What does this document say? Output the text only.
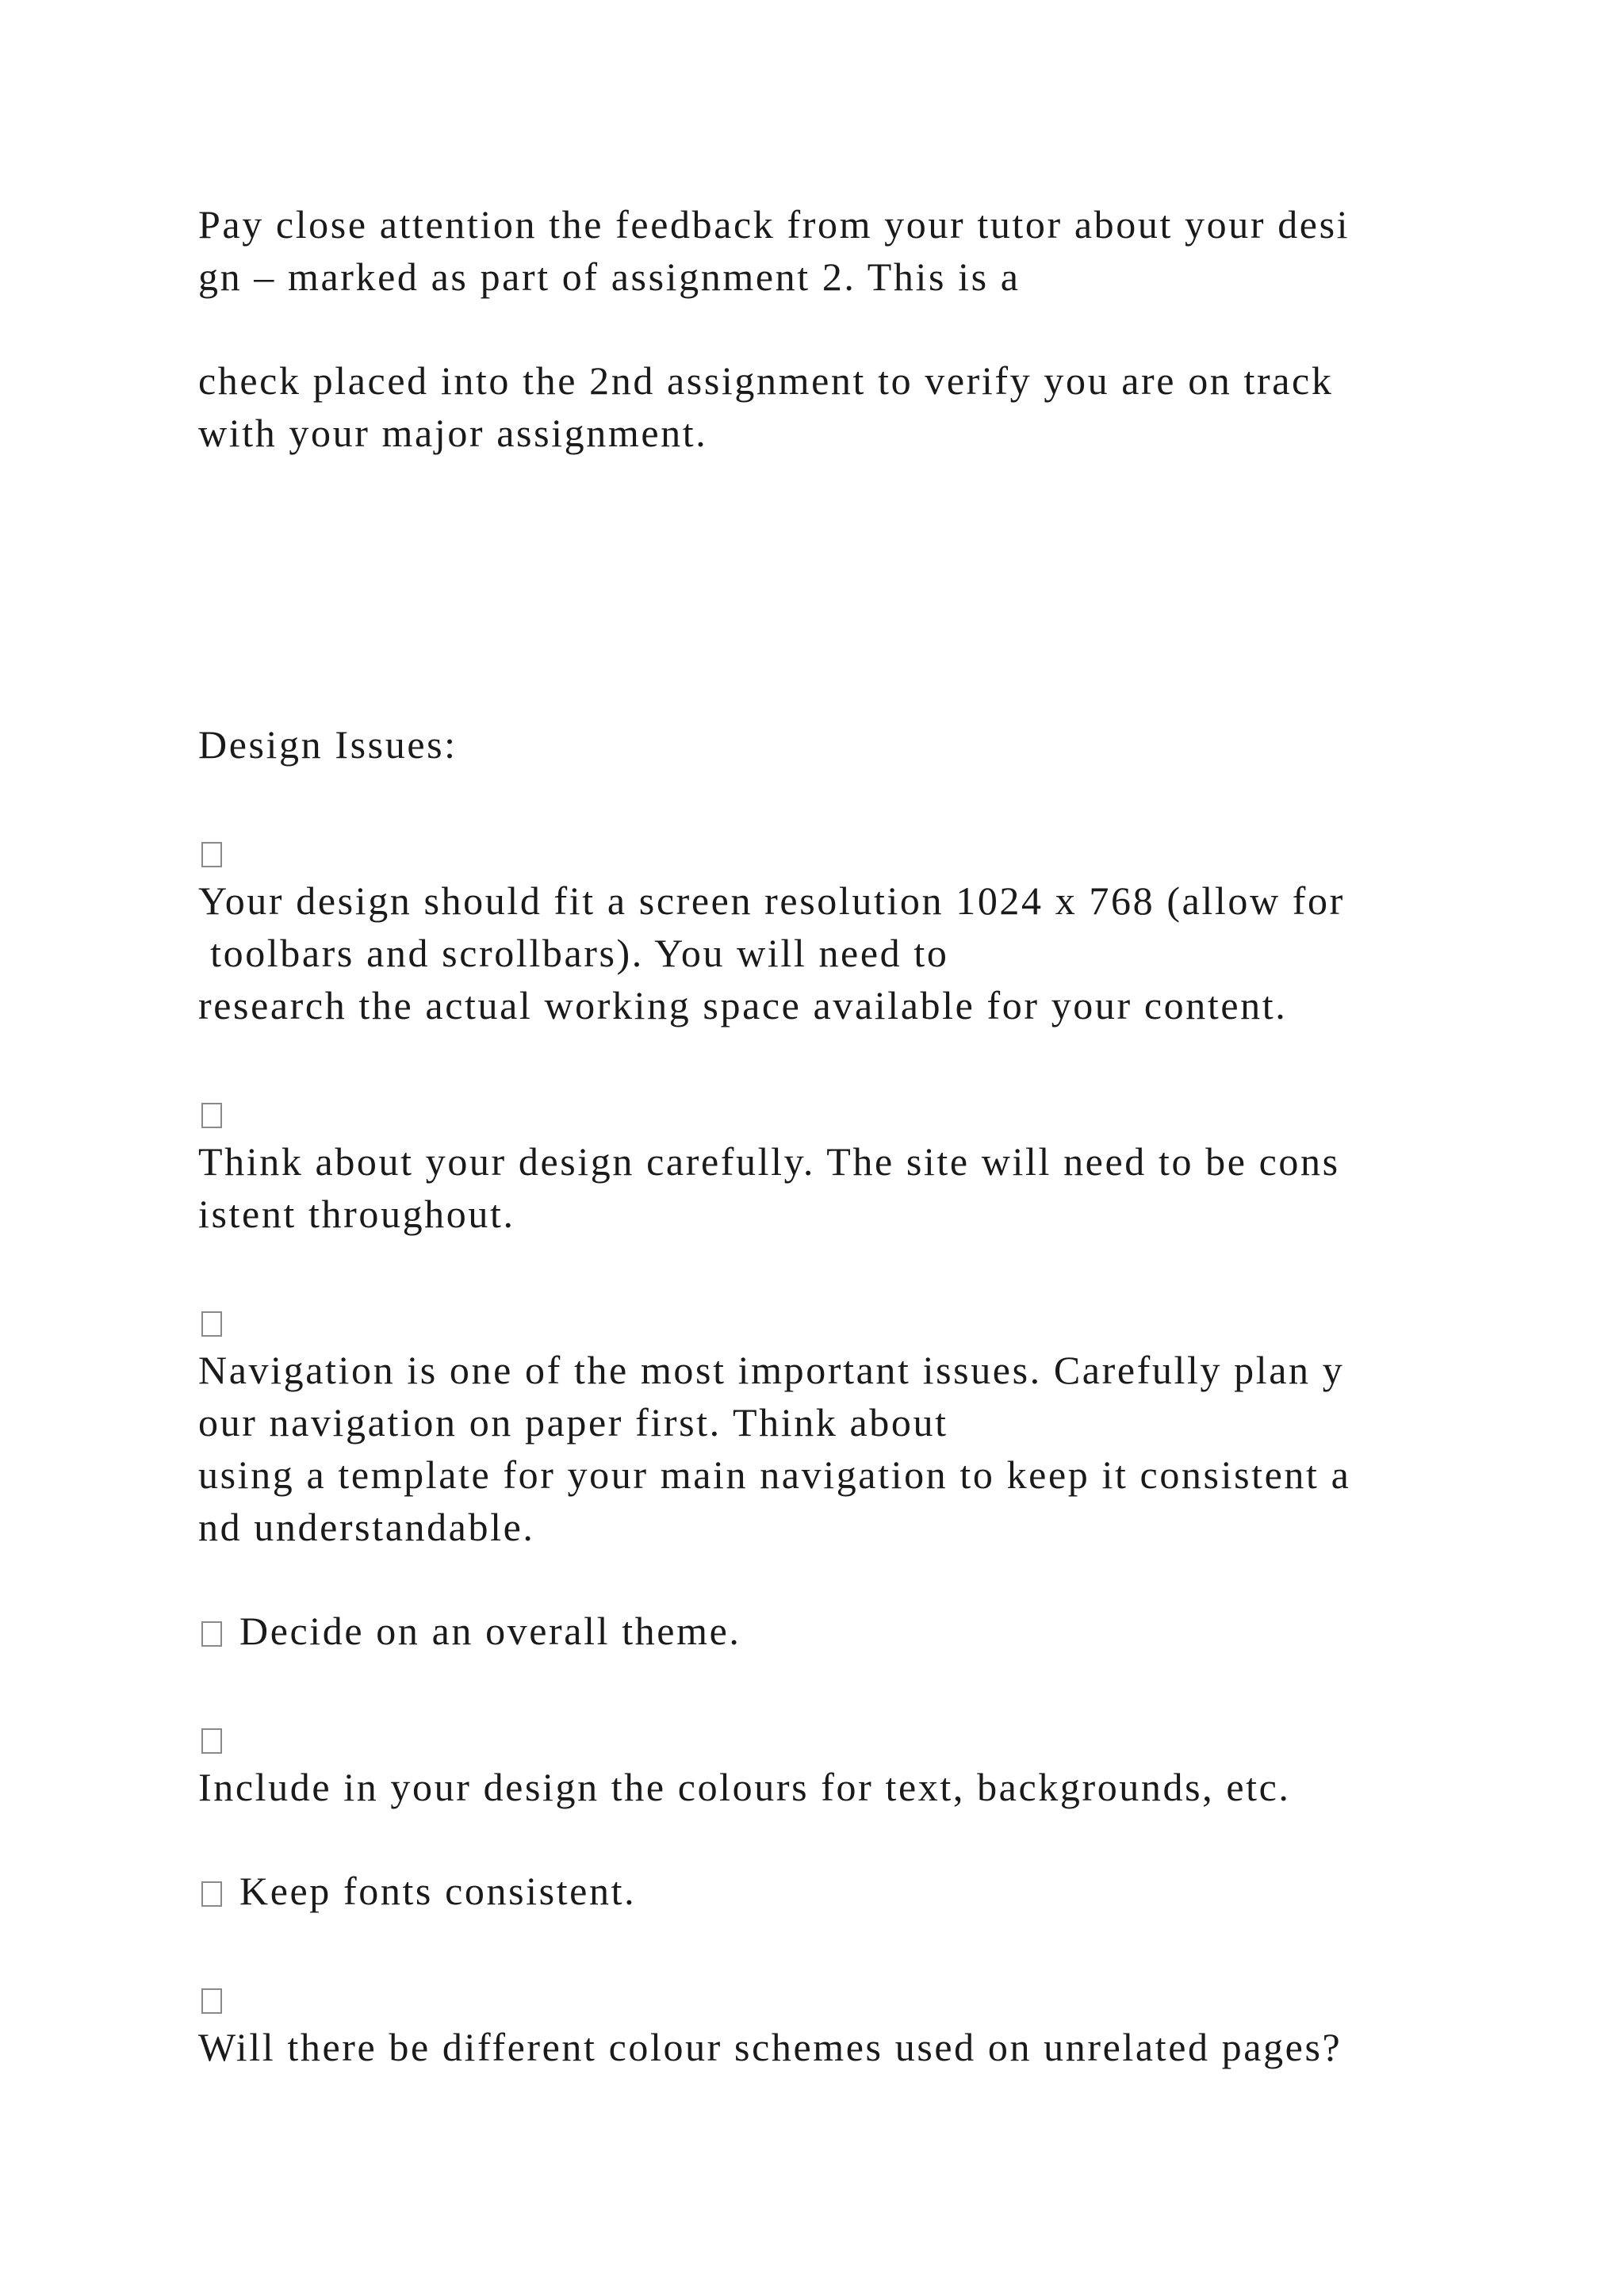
Pay close attention the feedback from your tutor about your desi
gn – marked as part of assignment 2. This is a
check placed into the 2nd assignment to verify you are on track
with your major assignment.
Design Issues:
Your design should fit a screen resolution 1024 x 768 (allow for
toolbars and scrollbars). You will need to
research the actual working space available for your content.
Think about your design carefully. The site will need to be cons
istent throughout.
Navigation is one of the most important issues. Carefully plan y
our navigation on paper first. Think about
using a template for your main navigation to keep it consistent a
nd understandable.
Decide on an overall theme.
Include in your design the colours for text, backgrounds, etc.
Keep fonts consistent.
Will there be different colour schemes used on unrelated pages?
